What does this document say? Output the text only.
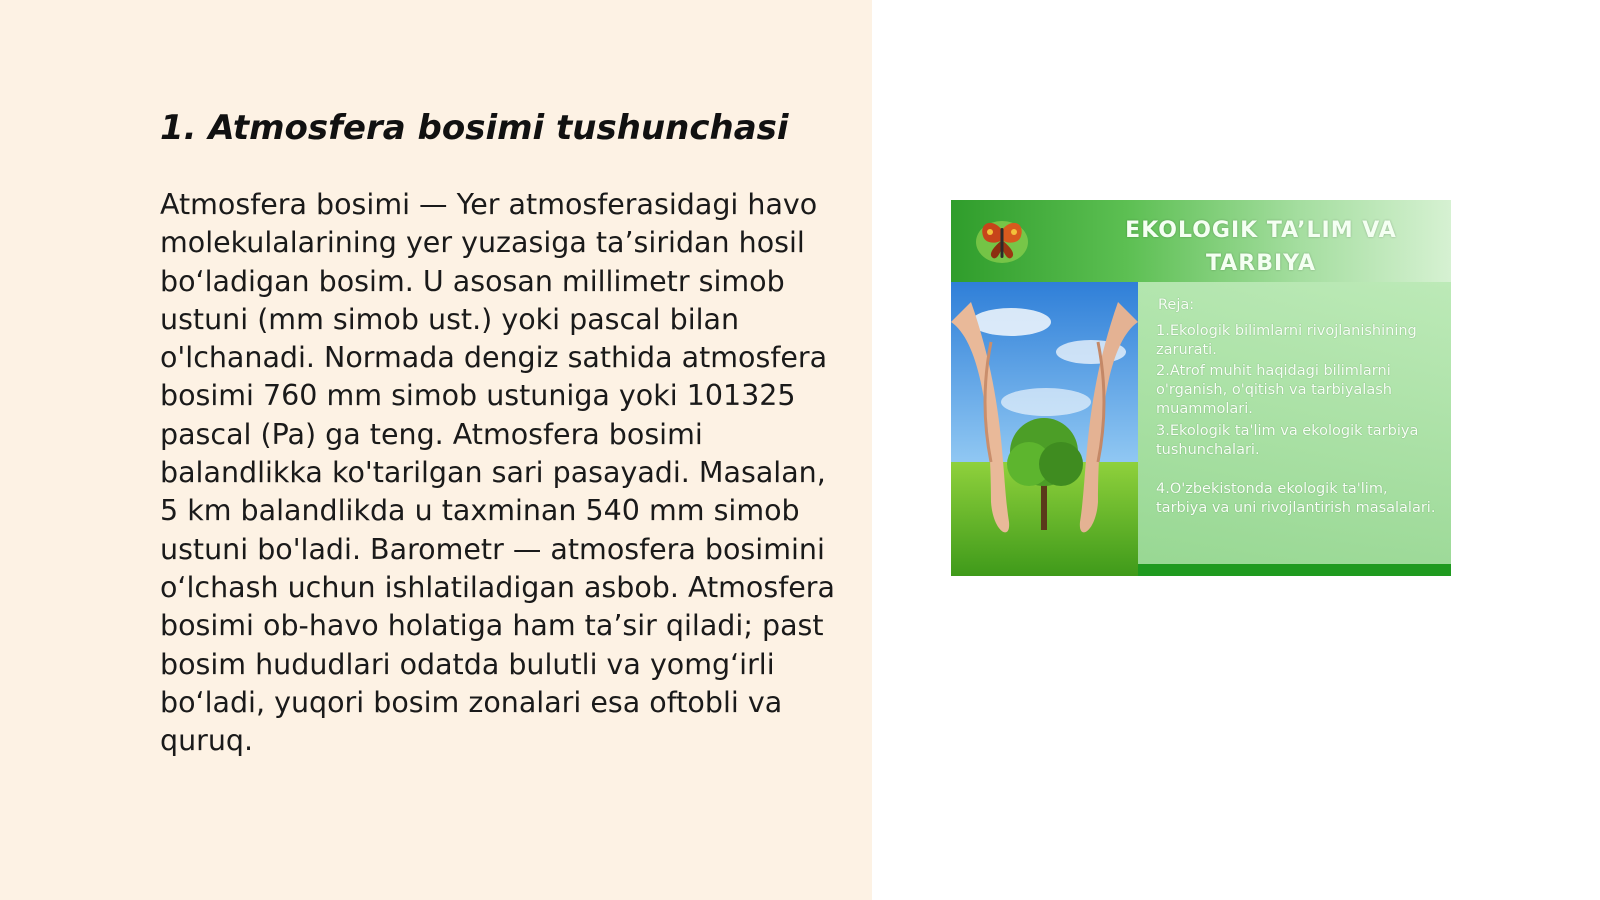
1. Atmosfera bosimi tushunchasi

Atmosfera bosimi — Yer atmosferasidagi havo molekulalarining yer yuzasiga ta’siridan hosil boʻladigan bosim. U asosan millimetr simob ustuni (mm simob ust.) yoki pascal bilan o'lchanadi. Normada dengiz sathida atmosfera bosimi 760 mm simob ustuniga yoki 101325 pascal (Pa) ga teng. Atmosfera bosimi balandlikka ko'tarilgan sari pasayadi. Masalan, 5 km balandlikda u taxminan 540 mm simob ustuni bo'ladi. Barometr — atmosfera bosimini oʻlchash uchun ishlatiladigan asbob. Atmosfera bosimi ob-havo holatiga ham ta’sir qiladi; past bosim hududlari odatda bulutli va yomgʻirli boʻladi, yuqori bosim zonalari esa oftobli va quruq.

EKOLOGIK TA’LIM VA
TARBIYA
Reja:
1.Ekologik bilimlarni rivojlanishining zarurati.
2.Atrof muhit haqidagi bilimlarni o'rganish, o'qitish va tarbiyalash muammolari.
3.Ekologik ta'lim va ekologik tarbiya tushunchalari.
4.O'zbekistonda ekologik ta'lim, tarbiya va uni rivojlantirish masalalari.
